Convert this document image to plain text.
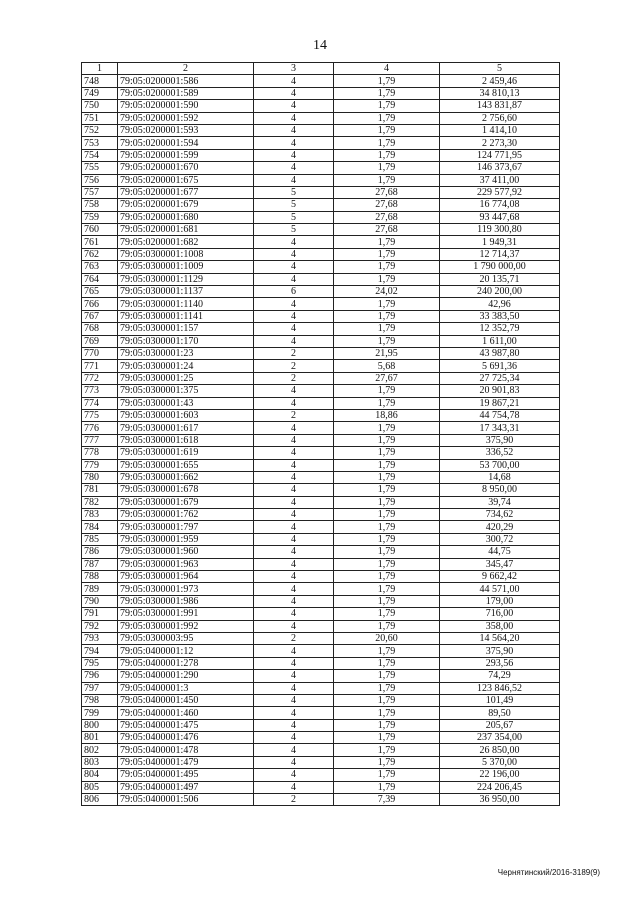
14
1	2	3	4	5
748	79:05:0200001:586	4	1,79	2 459,46
749	79:05:0200001:589	4	1,79	34 810,13
750	79:05:0200001:590	4	1,79	143 831,87
751	79:05:0200001:592	4	1,79	2 756,60
752	79:05:0200001:593	4	1,79	1 414,10
753	79:05:0200001:594	4	1,79	2 273,30
754	79:05:0200001:599	4	1,79	124 771,95
755	79:05:0200001:670	4	1,79	146 373,67
756	79:05:0200001:675	4	1,79	37 411,00
757	79:05:0200001:677	5	27,68	229 577,92
758	79:05:0200001:679	5	27,68	16 774,08
759	79:05:0200001:680	5	27,68	93 447,68
760	79:05:0200001:681	5	27,68	119 300,80
761	79:05:0200001:682	4	1,79	1 949,31
762	79:05:0300001:1008	4	1,79	12 714,37
763	79:05:0300001:1009	4	1,79	1 790 000,00
764	79:05:0300001:1129	4	1,79	20 135,71
765	79:05:0300001:1137	6	24,02	240 200,00
766	79:05:0300001:1140	4	1,79	42,96
767	79:05:0300001:1141	4	1,79	33 383,50
768	79:05:0300001:157	4	1,79	12 352,79
769	79:05:0300001:170	4	1,79	1 611,00
770	79:05:0300001:23	2	21,95	43 987,80
771	79:05:0300001:24	2	5,68	5 691,36
772	79:05:0300001:25	2	27,67	27 725,34
773	79:05:0300001:375	4	1,79	20 901,83
774	79:05:0300001:43	4	1,79	19 867,21
775	79:05:0300001:603	2	18,86	44 754,78
776	79:05:0300001:617	4	1,79	17 343,31
777	79:05:0300001:618	4	1,79	375,90
778	79:05:0300001:619	4	1,79	336,52
779	79:05:0300001:655	4	1,79	53 700,00
780	79:05:0300001:662	4	1,79	14,68
781	79:05:0300001:678	4	1,79	8 950,00
782	79:05:0300001:679	4	1,79	39,74
783	79:05:0300001:762	4	1,79	734,62
784	79:05:0300001:797	4	1,79	420,29
785	79:05:0300001:959	4	1,79	300,72
786	79:05:0300001:960	4	1,79	44,75
787	79:05:0300001:963	4	1,79	345,47
788	79:05:0300001:964	4	1,79	9 662,42
789	79:05:0300001:973	4	1,79	44 571,00
790	79:05:0300001:986	4	1,79	179,00
791	79:05:0300001:991	4	1,79	716,00
792	79:05:0300001:992	4	1,79	358,00
793	79:05:0300003:95	2	20,60	14 564,20
794	79:05:0400001:12	4	1,79	375,90
795	79:05:0400001:278	4	1,79	293,56
796	79:05:0400001:290	4	1,79	74,29
797	79:05:0400001:3	4	1,79	123 846,52
798	79:05:0400001:450	4	1,79	101,49
799	79:05:0400001:460	4	1,79	89,50
800	79:05:0400001:475	4	1,79	205,67
801	79:05:0400001:476	4	1,79	237 354,00
802	79:05:0400001:478	4	1,79	26 850,00
803	79:05:0400001:479	4	1,79	5 370,00
804	79:05:0400001:495	4	1,79	22 196,00
805	79:05:0400001:497	4	1,79	224 206,45
806	79:05:0400001:506	2	7,39	36 950,00
Чернятинский/2016-3189(9)
